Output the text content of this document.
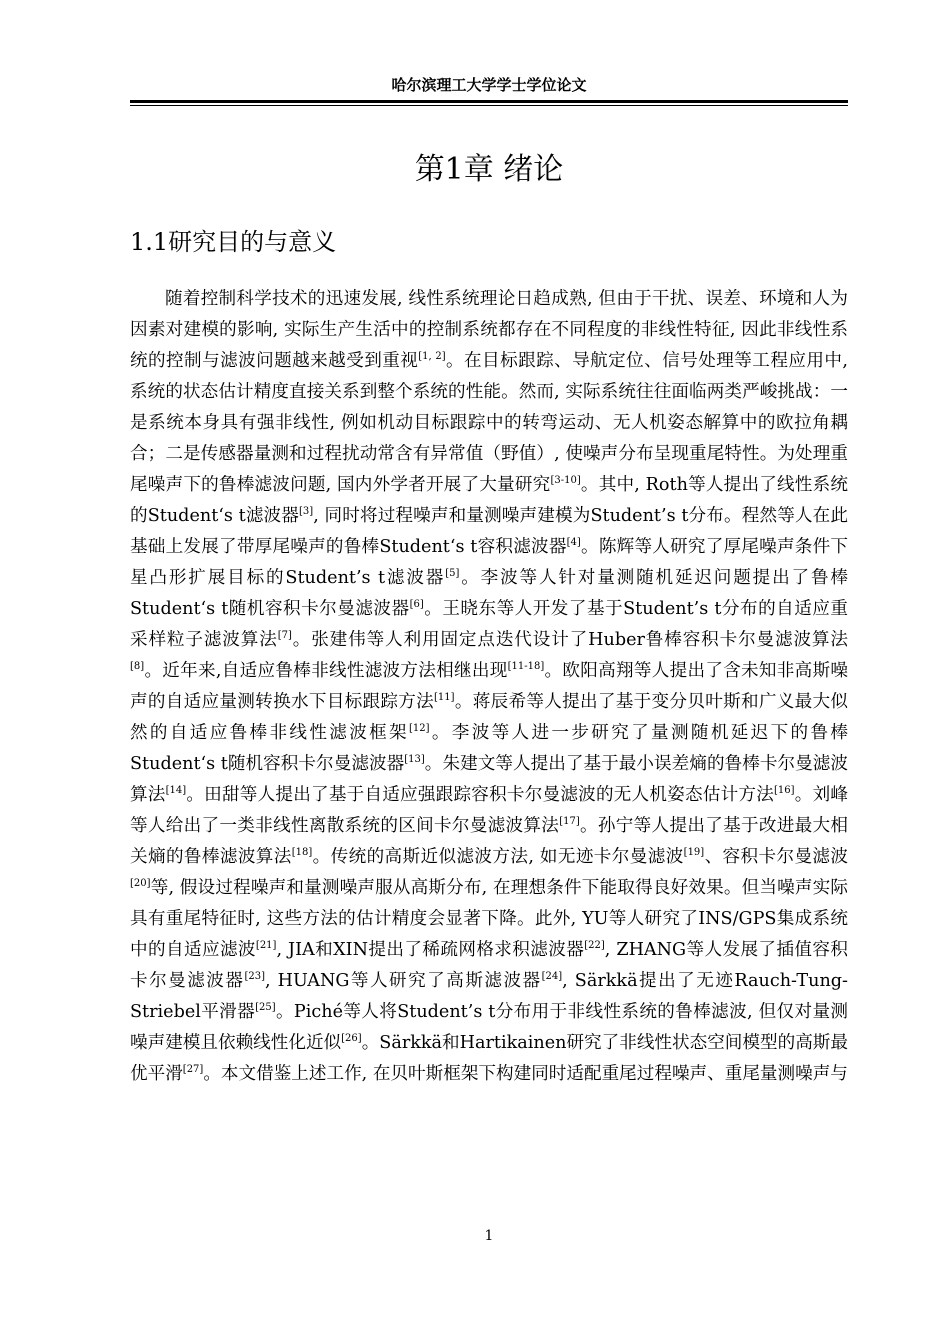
哈尔滨理工大学学士学位论文
第1章 绪论
1.1研究目的与意义

随着控制科学技术的迅速发展, 线性系统理论日趋成熟, 但由于干扰、误差、环境和人为因素对建模的影响, 实际生产生活中的控制系统都存在不同程度的非线性特征, 因此非线性系统的控制与滤波问题越来越受到重视[1, 2]。在目标跟踪、导航定位、信号处理等工程应用中, 系统的状态估计精度直接关系到整个系统的性能。然而, 实际系统往往面临两类严峻挑战：一是系统本身具有强非线性, 例如机动目标跟踪中的转弯运动、无人机姿态解算中的欧拉角耦合；二是传感器量测和过程扰动常含有异常值（野值）, 使噪声分布呈现重尾特性。为处理重尾噪声下的鲁棒滤波问题, 国内外学者开展了大量研究[3-10]。其中, Roth等人提出了线性系统的Student‘s t滤波器[3], 同时将过程噪声和量测噪声建模为Student’s t分布。程然等人在此基础上发展了带厚尾噪声的鲁棒Student‘s t容积滤波器[4]。陈辉等人研究了厚尾噪声条件下星凸形扩展目标的Student’s t滤波器[5]。李波等人针对量测随机延迟问题提出了鲁棒Student‘s t随机容积卡尔曼滤波器[6]。王晓东等人开发了基于Student’s t分布的自适应重采样粒子滤波算法[7]。张建伟等人利用固定点迭代设计了Huber鲁棒容积卡尔曼滤波算法[8]。近年来,自适应鲁棒非线性滤波方法相继出现[11-18]。欧阳高翔等人提出了含未知非高斯噪声的自适应量测转换水下目标跟踪方法[11]。蒋辰希等人提出了基于变分贝叶斯和广义最大似然的自适应鲁棒非线性滤波框架[12]。李波等人进一步研究了量测随机延迟下的鲁棒Student‘s t随机容积卡尔曼滤波器[13]。朱建文等人提出了基于最小误差熵的鲁棒卡尔曼滤波算法[14]。田甜等人提出了基于自适应强跟踪容积卡尔曼滤波的无人机姿态估计方法[16]。刘峰等人给出了一类非线性离散系统的区间卡尔曼滤波算法[17]。孙宁等人提出了基于改进最大相关熵的鲁棒滤波算法[18]。传统的高斯近似滤波方法, 如无迹卡尔曼滤波[19]、容积卡尔曼滤波[20]等, 假设过程噪声和量测噪声服从高斯分布, 在理想条件下能取得良好效果。但当噪声实际具有重尾特征时, 这些方法的估计精度会显著下降。此外, YU等人研究了INS/GPS集成系统中的自适应滤波[21], JIA和XIN提出了稀疏网格求积滤波器[22], ZHANG等人发展了插值容积卡尔曼滤波器[23], HUANG等人研究了高斯滤波器[24], Särkkä提出了无迹Rauch-Tung-Striebel平滑器[25]。Piché等人将Student’s t分布用于非线性系统的鲁棒滤波, 但仅对量测噪声建模且依赖线性化近似[26]。Särkkä和Hartikainen研究了非线性状态空间模型的高斯最优平滑[27]。本文借鉴上述工作, 在贝叶斯框架下构建同时适配重尾过程噪声、重尾量测噪声与

1
